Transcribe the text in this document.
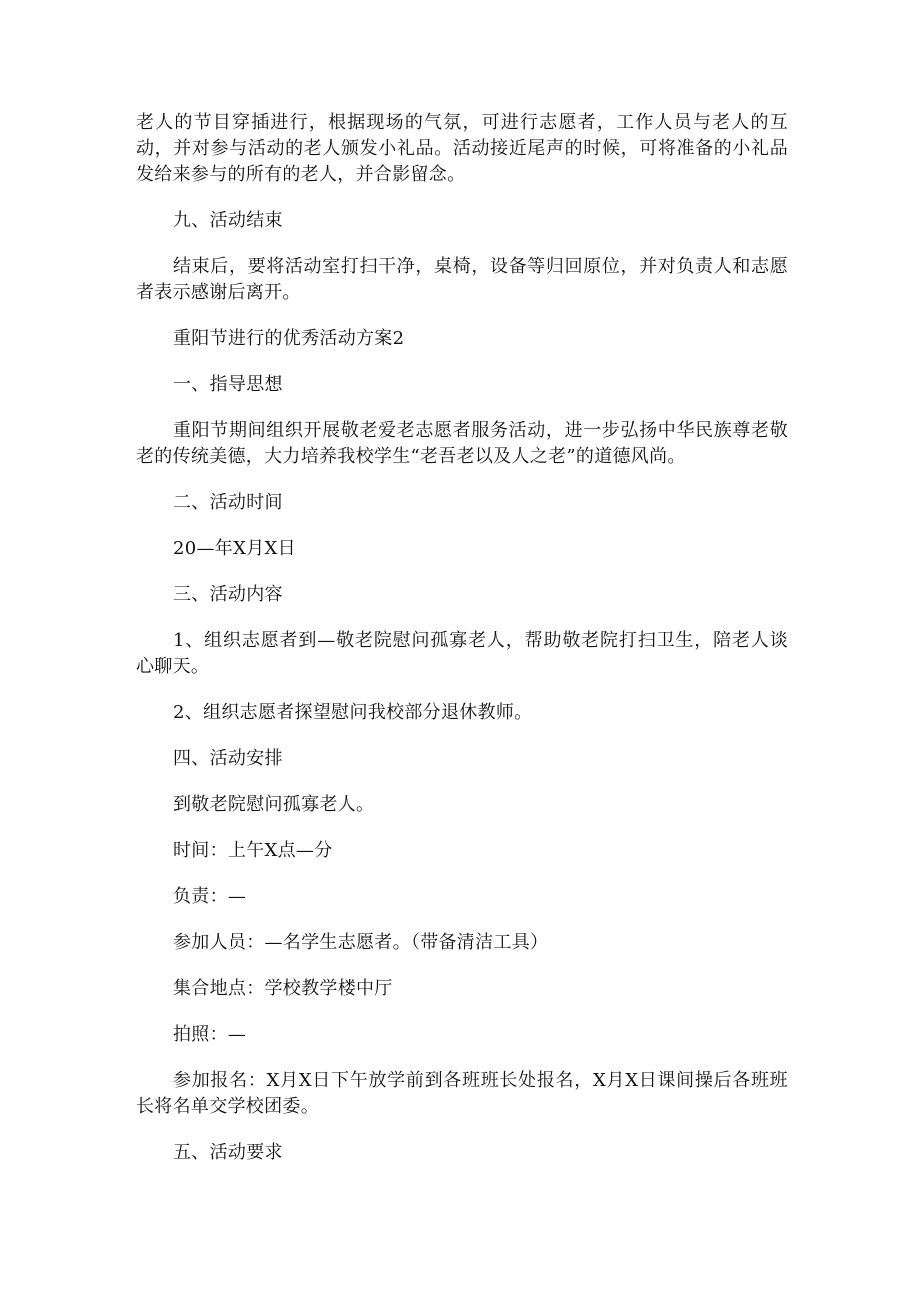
老人的节目穿插进行，根据现场的气氛，可进行志愿者，工作人员与老人的互动，并对参与活动的老人颁发小礼品。活动接近尾声的时候，可将准备的小礼品发给来参与的所有的老人，并合影留念。

九、活动结束

结束后，要将活动室打扫干净，桌椅，设备等归回原位，并对负责人和志愿者表示感谢后离开。

重阳节进行的优秀活动方案2

一、指导思想

重阳节期间组织开展敬老爱老志愿者服务活动，进一步弘扬中华民族尊老敬老的传统美德，大力培养我校学生“老吾老以及人之老”的道德风尚。

二、活动时间

20—年X月X日

三、活动内容

1、组织志愿者到—敬老院慰问孤寡老人，帮助敬老院打扫卫生，陪老人谈心聊天。

2、组织志愿者探望慰问我校部分退休教师。

四、活动安排

到敬老院慰问孤寡老人。

时间：上午X点—分

负责：—

参加人员：—名学生志愿者。（带备清洁工具）

集合地点：学校教学楼中厅

拍照：—

参加报名：X月X日下午放学前到各班班长处报名，X月X日课间操后各班班长将名单交学校团委。

五、活动要求
